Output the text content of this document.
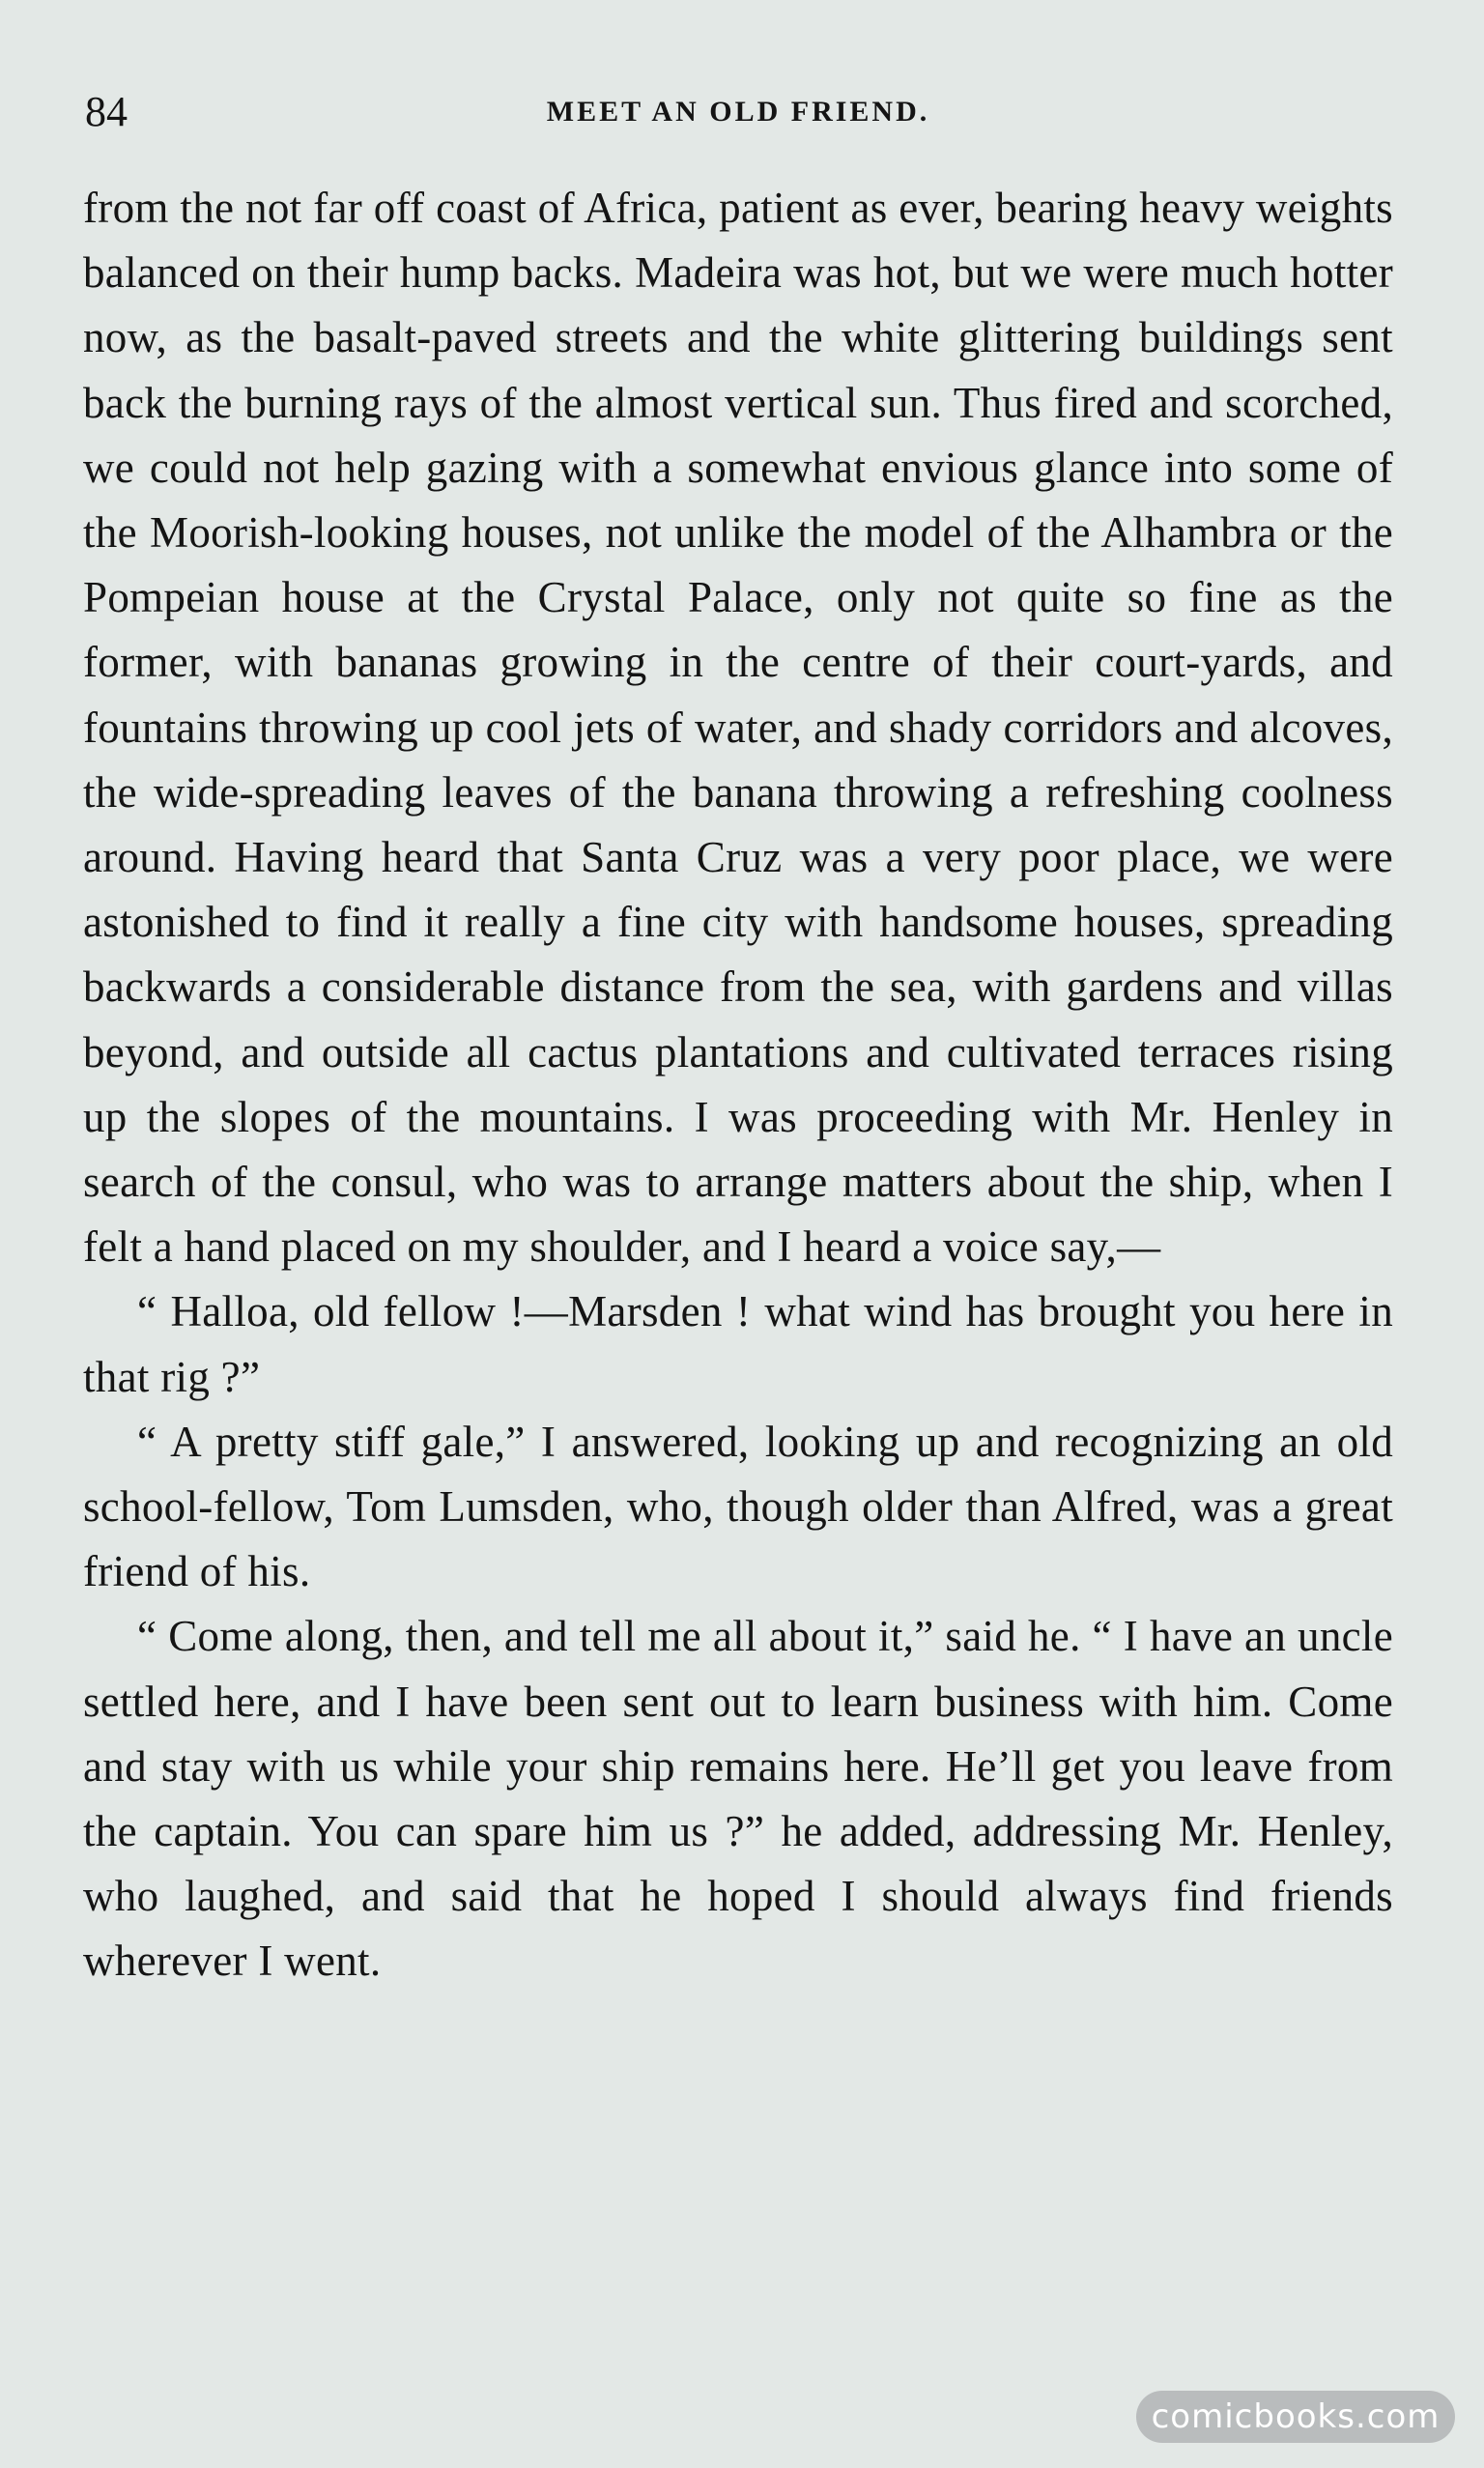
84	MEET AN OLD FRIEND.

from the not far off coast of Africa, patient as ever, bearing heavy weights balanced on their hump backs. Madeira was hot, but we were much hotter now, as the basalt-paved streets and the white glittering buildings sent back the burning rays of the almost vertical sun. Thus fired and scorched, we could not help gazing with a somewhat envious glance into some of the Moorish-looking houses, not unlike the model of the Alhambra or the Pompeian house at the Crystal Palace, only not quite so fine as the former, with bananas growing in the centre of their court-yards, and fountains throwing up cool jets of water, and shady corridors and alcoves, the wide-spreading leaves of the banana throwing a refreshing coolness around. Having heard that Santa Cruz was a very poor place, we were astonished to find it really a fine city with handsome houses, spreading backwards a considerable distance from the sea, with gardens and villas beyond, and outside all cactus plantations and cultivated terraces rising up the slopes of the mountains. I was proceeding with Mr. Henley in search of the consul, who was to arrange matters about the ship, when I felt a hand placed on my shoulder, and I heard a voice say,—

“ Halloa, old fellow !—Marsden ! what wind has brought you here in that rig ?”

“ A pretty stiff gale,” I answered, looking up and recognizing an old school-fellow, Tom Lumsden, who, though older than Alfred, was a great friend of his.

“ Come along, then, and tell me all about it,” said he. “ I have an uncle settled here, and I have been sent out to learn business with him. Come and stay with us while your ship remains here. He’ll get you leave from the captain. You can spare him us ?” he added, addressing Mr. Henley, who laughed, and said that he hoped I should always find friends wherever I went.

comicbooks.com
